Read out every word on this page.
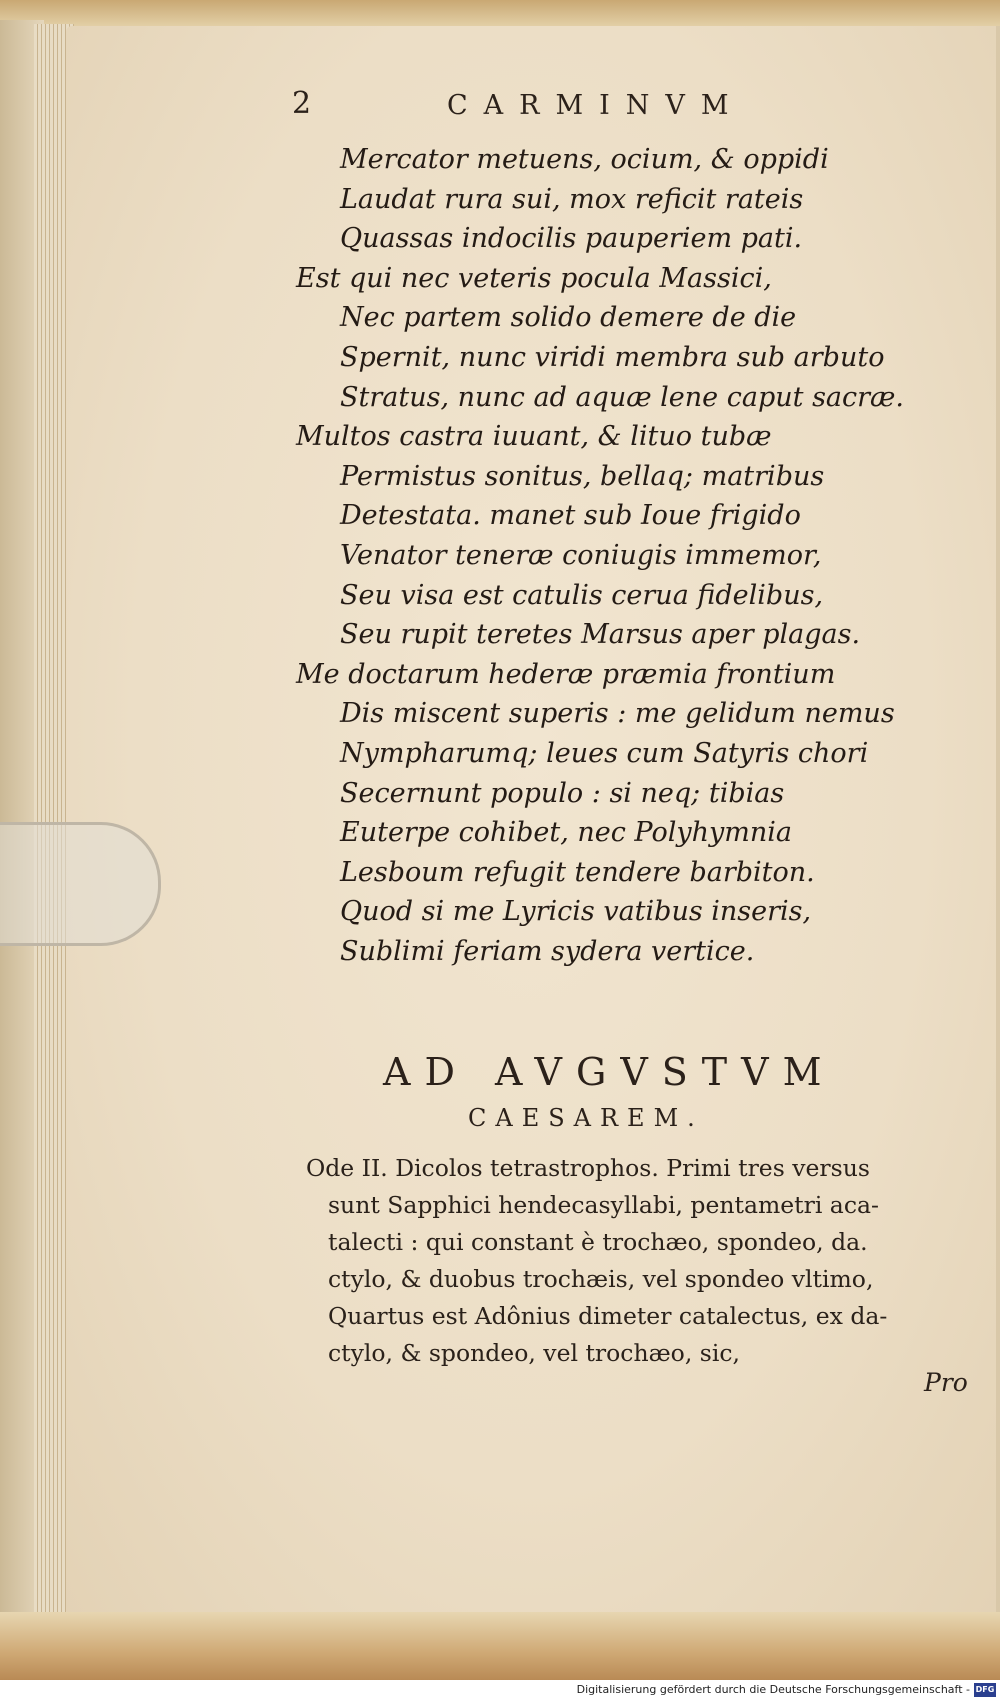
2	CARMINVM
Mercator metuens, ocium, & oppidi
Laudat rura sui, mox reficit rateis
Quassas indocilis pauperiem pati.
Est qui nec veteris pocula Massici,
Nec partem solido demere de die
Spernit, nunc viridi membra sub arbuto
Stratus, nunc ad aquæ lene caput sacræ.
Multos castra iuuant, & lituo tubæ
Permistus sonitus, bellaq; matribus
Detestata. manet sub Ioue frigido
Venator teneræ coniugis immemor,
Seu visa est catulis cerua fidelibus,
Seu rupit teretes Marsus aper plagas.
Me doctarum hederæ præmia frontium
Dis miscent superis : me gelidum nemus
Nympharumq; leues cum Satyris chori
Secernunt populo : si neq; tibias
Euterpe cohibet, nec Polyhymnia
Lesboum refugit tendere barbiton.
Quod si me Lyricis vatibus inseris,
Sublimi feriam sydera vertice.
AD AVGVSTVM
CAESAREM.
Ode II. Dicolos tetrastrophos. Primi tres versus
sunt Sapphici hendecasyllabi, pentametri aca-
talecti : qui constant è trochæo, spondeo, da.
ctylo, & duobus trochæis, vel spondeo vltimo,
Quartus est Adônius dimeter catalectus, ex da-
ctylo, & spondeo, vel trochæo, sic,
Pro
Digitalisierung gefördert durch die Deutsche Forschungsgemeinschaft - DFG
